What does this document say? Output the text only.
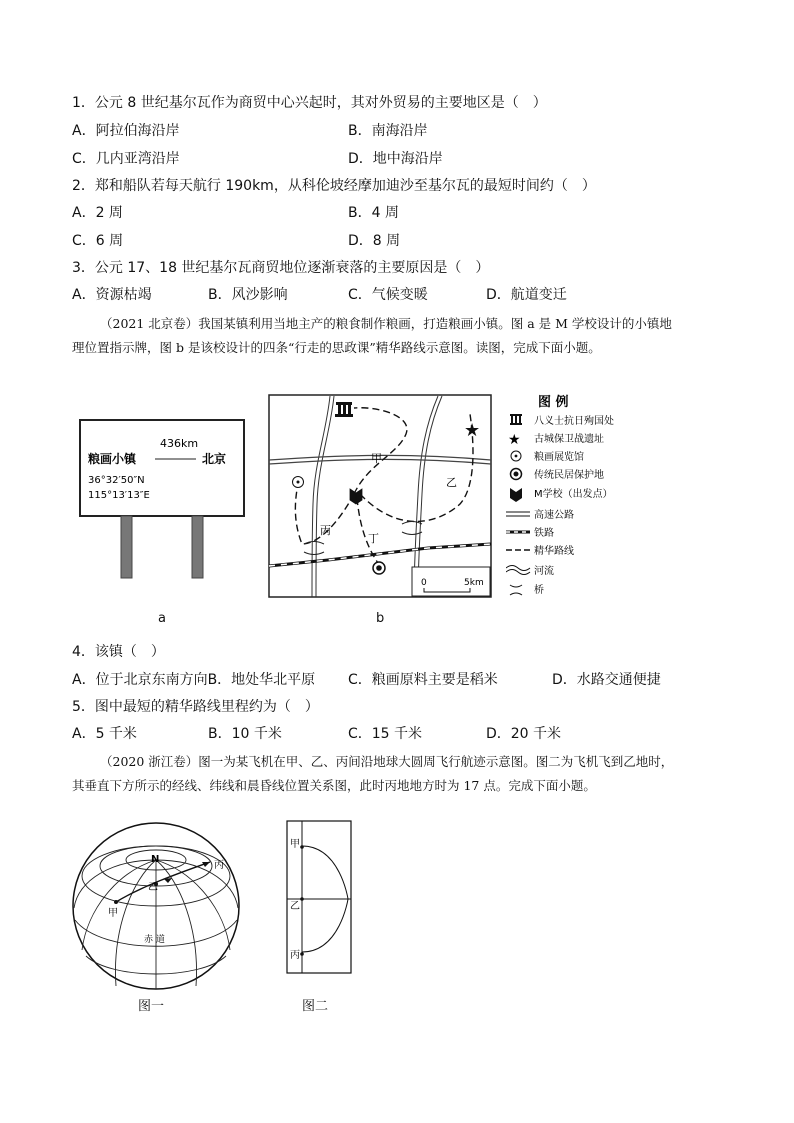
1．公元 8 世纪基尔瓦作为商贸中心兴起时，其对外贸易的主要地区是（　）
A．阿拉伯海沿岸	B．南海沿岸
C．几内亚湾沿岸	D．地中海沿岸
2．郑和船队若每天航行 190km，从科伦坡经摩加迪沙至基尔瓦的最短时间约（　）
A．2 周	B．4 周
C．6 周	D．8 周
3．公元 17、18 世纪基尔瓦商贸地位逐渐衰落的主要原因是（　）
A．资源枯竭	B．风沙影响	C．气候变暖	D．航道变迁

（2021 北京卷）我国某镇利用当地主产的粮食制作粮画，打造粮画小镇。图 a 是 M 学校设计的小镇地

理位置指示牌，图 b 是该校设计的四条“行走的思政课”精华路线示意图。读图，完成下面小题。

粮画小镇
436km
北京
36°32′50″N
115°13′13″E
a
★
甲
乙
丙
丁
0	5km
b
图 例
八义士抗日殉国处
★ 古城保卫战遗址
粮画展览馆
传统民居保护地
M学校（出发点）
高速公路
铁路
精华路线
河流
桥
4．该镇（　）
A．位于北京东南方向B．地处华北平原 C．粮画原料主要是稻米	D．水路交通便捷
5．图中最短的精华路线里程约为（　）
A．5 千米	B．10 千米	C．15 千米	D．20 千米

（2020 浙江卷）图一为某飞机在甲、乙、丙间沿地球大圆周飞行航迹示意图。图二为飞机飞到乙地时，

其垂直下方所示的经线、纬线和晨昏线位置关系图，此时丙地地方时为 17 点。完成下面小题。

N
甲
乙
丙
赤 道
图一
甲
乙
丙
图二
